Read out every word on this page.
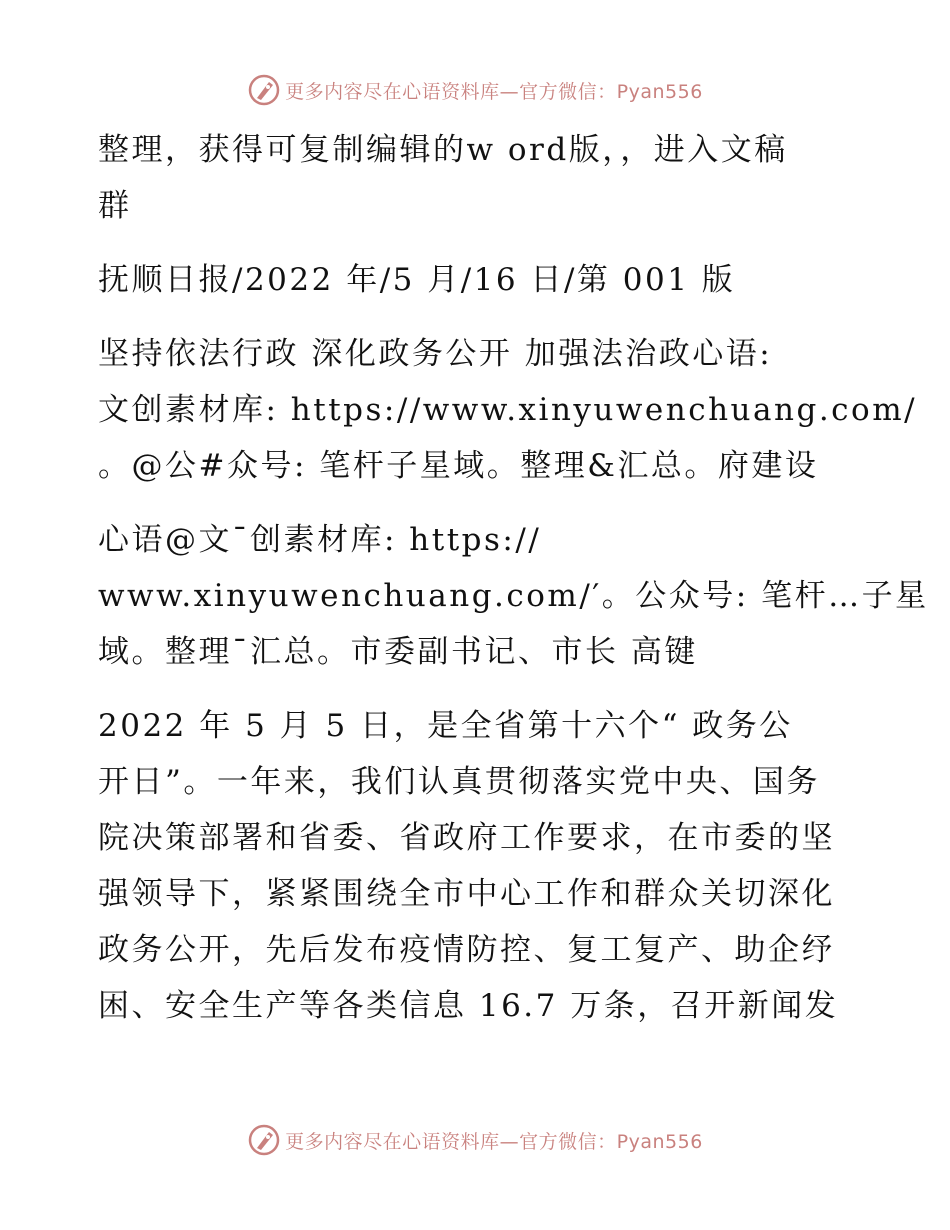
更多内容尽在心语资料库—官方微信：Pyan556

整理，获得可复制编辑的w ord版，，进入文稿
群

抚顺日报/2022 年/5 月/16 日/第 001 版

坚持依法行政 深化政务公开 加强法治政心语:
文创素材库: https://www.xinyuwenchuang.com/
。@公#众号: 笔杆子星域。整理&汇总。府建设

心语@文¯创素材库: https://
www.xinyuwenchuang.com/′。公众号: 笔杆…子星
域。整理¯汇总。市委副书记、市长 高键

2022 年 5 月 5 日，是全省第十六个“ 政务公
开日”。一年来，我们认真贯彻落实党中央、国务
院决策部署和省委、省政府工作要求，在市委的坚
强领导下，紧紧围绕全市中心工作和群众关切深化
政务公开，先后发布疫情防控、复工复产、助企纾
困、安全生产等各类信息 16.7 万条，召开新闻发

更多内容尽在心语资料库—官方微信：Pyan556
